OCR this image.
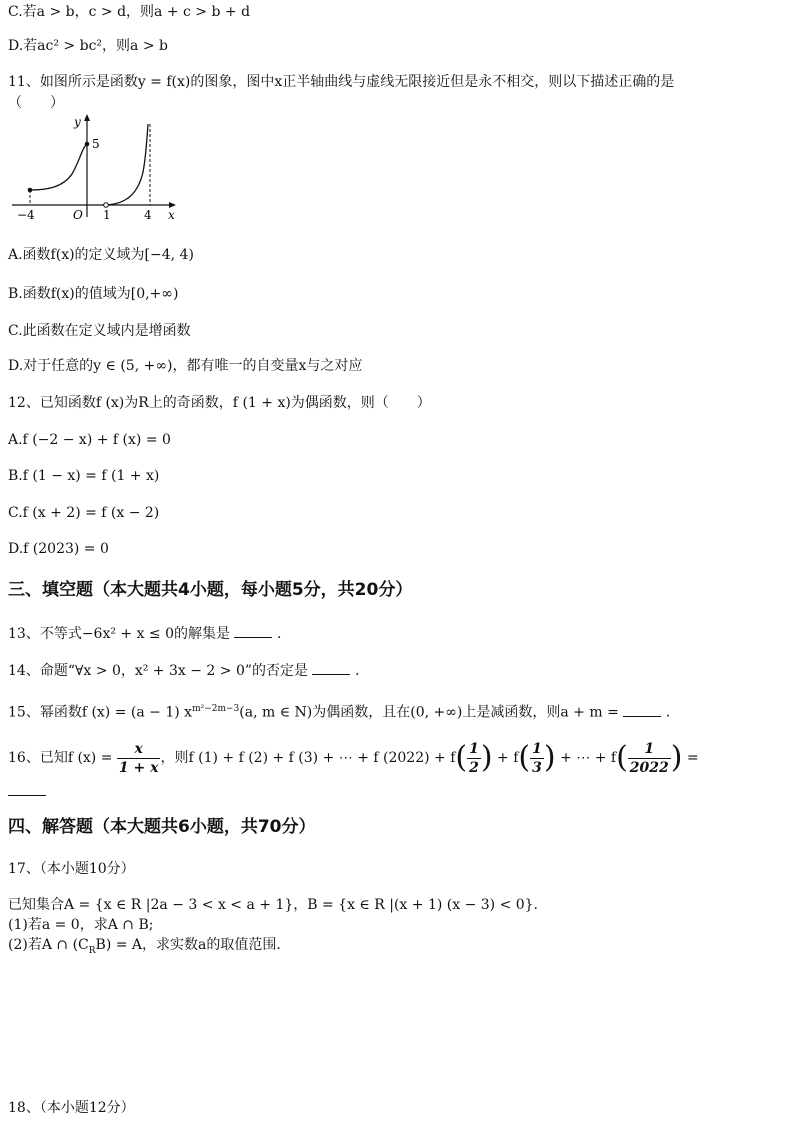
C.若a > b，c > d，则a + c > b + d
D.若ac² > bc²，则a > b
11、如图所示是函数y = f(x)的图象，图中x正半轴曲线与虚线无限接近但是永不相交，则以下描述正确的是
（　　）
y
x
O
−4	1	4
5
A.函数f(x)的定义域为[−4, 4)
B.函数f(x)的值域为[0,+∞)
C.此函数在定义域内是增函数
D.对于任意的y ∈ (5, +∞)，都有唯一的自变量x与之对应
12、已知函数f (x)为R上的奇函数，f (1 + x)为偶函数，则（　　）
A.f (−2 − x) + f (x) = 0
B.f (1 − x) = f (1 + x)
C.f (x + 2) = f (x − 2)
D.f (2023) = 0
三、填空题（本大题共4小题，每小题5分，共20分）
13、不等式−6x² + x ≤ 0的解集是	.
14、命题“∀x > 0，x² + 3x − 2 > 0”的否定是	.
15、幂函数f (x) = (a − 1) $x^{m^2-2m-3}(a$, m ∈ N)为偶函数，且在(0, +∞)上是减函数，则a + m =	.
16、已知f $(x) = \frac{x}{1 + x}$ ，则f (1) + f (2) + f (3) + ⋯ + f $(2022) + f( \frac{1}{2}$ ) + $f( \frac{1}{3}$ ) + ⋯ + $f( \frac{1}{2022}$ ) =
四、解答题（本大题共6小题，共70分）
17、（本小题10分）
已知集合A = {x ∈ R |2a − 3 < x < a + 1}，B = {x ∈ R |(x + 1) (x − 3) < 0}.
(1)若a = 0，求A ∩ B;
(2)若A ∩ $(C_RB) = A$，求实数a的取值范围.
18、（本小题12分）
